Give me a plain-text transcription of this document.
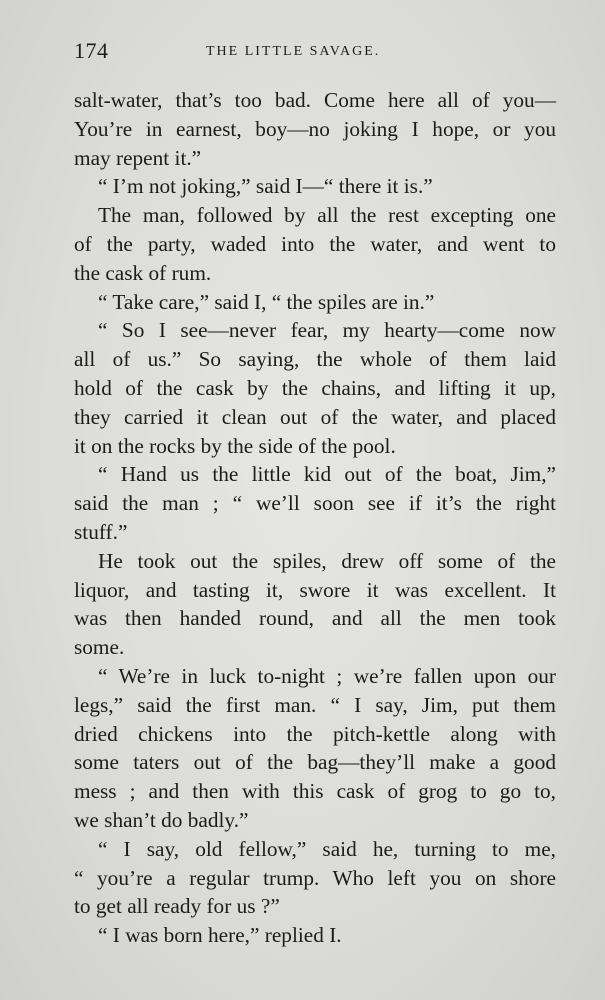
174	THE LITTLE SAVAGE.
salt-water, that’s too bad. Come here all of you—
You’re in earnest, boy—no joking I hope, or you
may repent it.”
“ I’m not joking,” said I—“ there it is.”
The man, followed by all the rest excepting one
of the party, waded into the water, and went to
the cask of rum.
“ Take care,” said I, “ the spiles are in.”
“ So I see—never fear, my hearty—come now
all of us.” So saying, the whole of them laid
hold of the cask by the chains, and lifting it up,
they carried it clean out of the water, and placed
it on the rocks by the side of the pool.
“ Hand us the little kid out of the boat, Jim,”
said the man ; “ we’ll soon see if it’s the right
stuff.”
He took out the spiles, drew off some of the
liquor, and tasting it, swore it was excellent. It
was then handed round, and all the men took
some.
“ We’re in luck to-night ; we’re fallen upon our
legs,” said the first man. “ I say, Jim, put them
dried chickens into the pitch-kettle along with
some taters out of the bag—they’ll make a good
mess ; and then with this cask of grog to go to,
we shan’t do badly.”
“ I say, old fellow,” said he, turning to me,
“ you’re a regular trump. Who left you on shore
to get all ready for us ?”
“ I was born here,” replied I.
